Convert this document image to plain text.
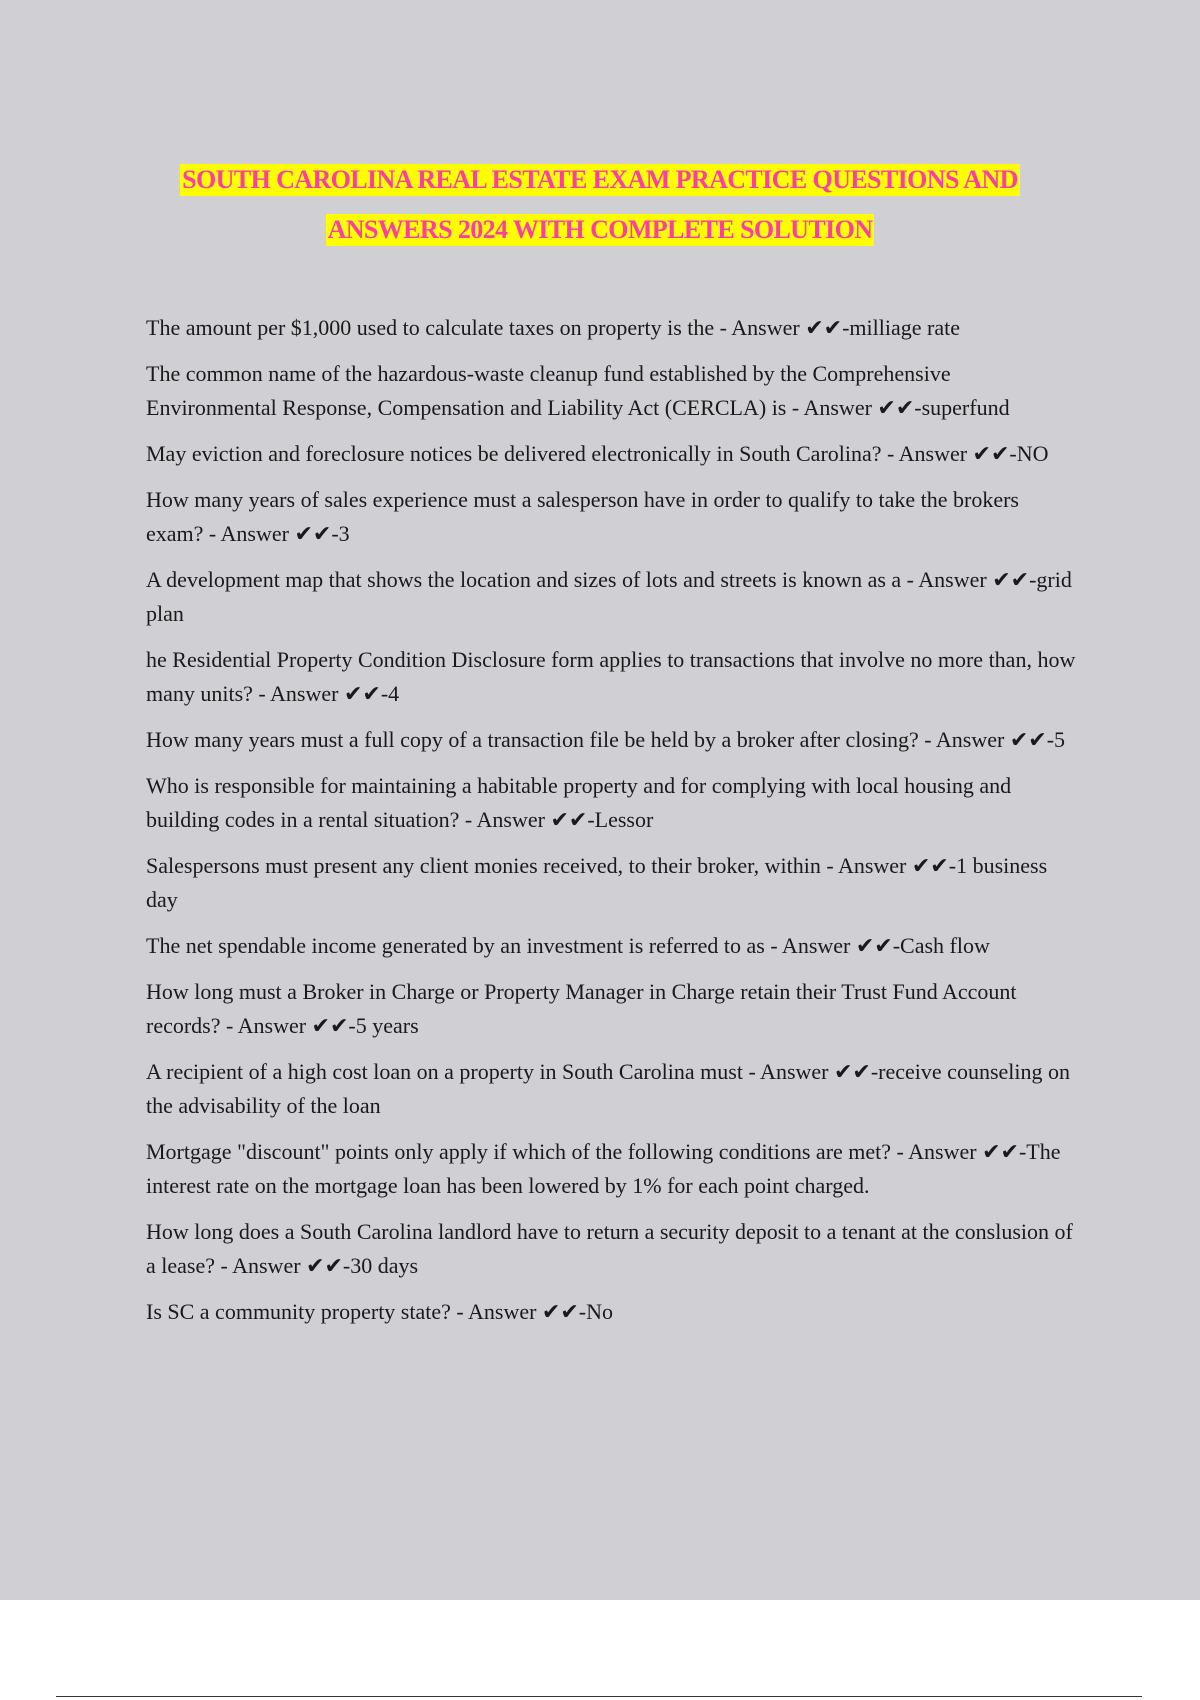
SOUTH CAROLINA REAL ESTATE EXAM PRACTICE QUESTIONS AND
ANSWERS 2024 WITH COMPLETE SOLUTION

The amount per $1,000 used to calculate taxes on property is the - Answer ✔✔-milliage rate

The common name of the hazardous-waste cleanup fund established by the Comprehensive Environmental Response, Compensation and Liability Act (CERCLA) is - Answer ✔✔-superfund

May eviction and foreclosure notices be delivered electronically in South Carolina? - Answer ✔✔-NO

How many years of sales experience must a salesperson have in order to qualify to take the brokers exam? - Answer ✔✔-3

A development map that shows the location and sizes of lots and streets is known as a - Answer ✔✔-grid plan

he Residential Property Condition Disclosure form applies to transactions that involve no more than, how many units? - Answer ✔✔-4

How many years must a full copy of a transaction file be held by a broker after closing? - Answer ✔✔-5

Who is responsible for maintaining a habitable property and for complying with local housing and building codes in a rental situation? - Answer ✔✔-Lessor

Salespersons must present any client monies received, to their broker, within - Answer ✔✔-1 business day

The net spendable income generated by an investment is referred to as - Answer ✔✔-Cash flow

How long must a Broker in Charge or Property Manager in Charge retain their Trust Fund Account records? - Answer ✔✔-5 years

A recipient of a high cost loan on a property in South Carolina must - Answer ✔✔-receive counseling on the advisability of the loan

Mortgage "discount" points only apply if which of the following conditions are met? - Answer ✔✔-The interest rate on the mortgage loan has been lowered by 1% for each point charged.

How long does a South Carolina landlord have to return a security deposit to a tenant at the conslusion of a lease? - Answer ✔✔-30 days

Is SC a community property state? - Answer ✔✔-No
